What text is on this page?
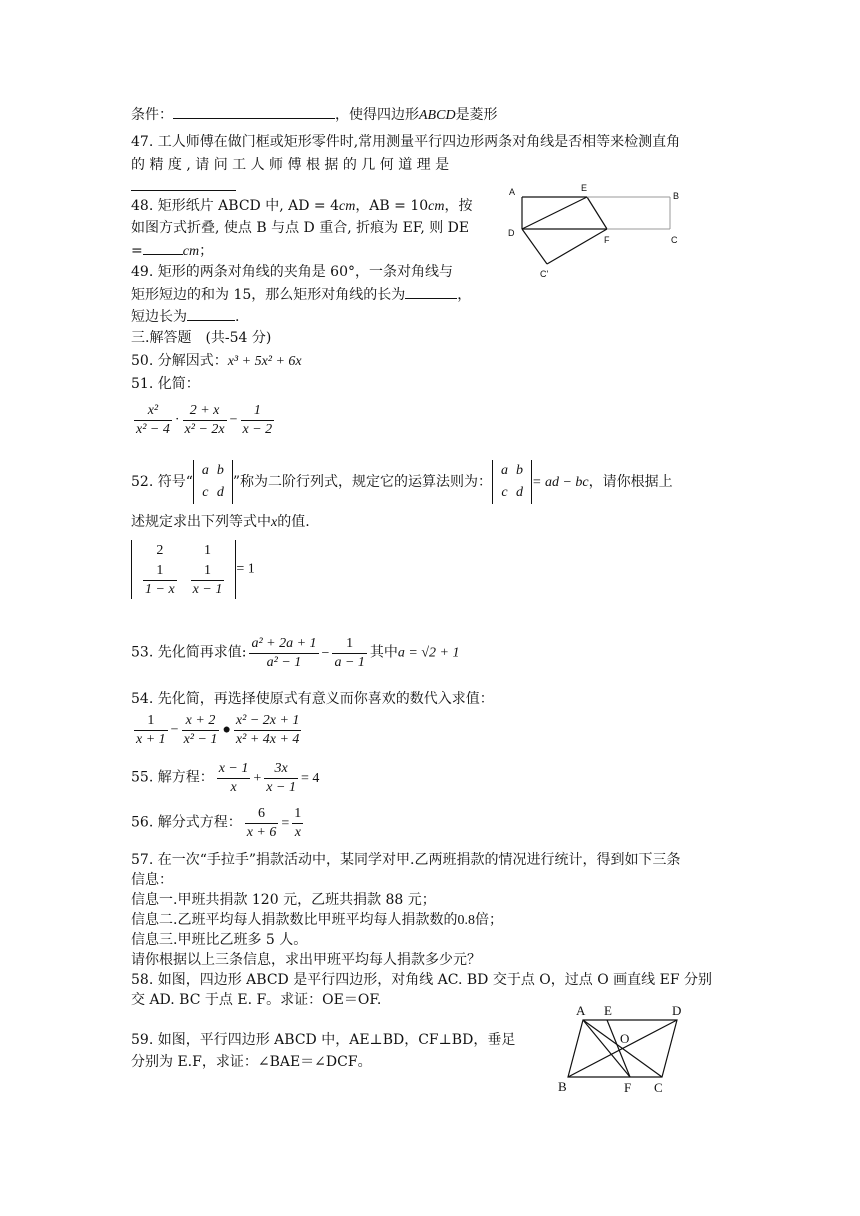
条件：	，使得四边形ABCD是菱形
47. 工人师傅在做门框或矩形零件时,常用测量平行四边形两条对角线是否相等来检测直角
的 精 度 , 请 问 工 人 师 傅 根 据 的 几 何 道 理 是
48. 矩形纸片 ABCD 中, AD = 4cm，AB = 10cm，按
如图方式折叠, 使点 B 与点 D 重合, 折痕为 EF, 则 DE
=	cm；
A	E
B
D
F	C
C'
49. 矩形的两条对角线的夹角是 60°，一条对角线与
矩形短边的和为 15，那么矩形对角线的长为	，
短边长为	.
三.解答题　(共-54 分)
50. 分解因式：x³ + 5x² + 6x
51. 化简：
$\frac{\text{x²}}{\text{x² − 4}} \cdot \frac{2 + x}{\text{x² − 2x}} - \frac{1}{x - 2}$
52. 符号“
a	b
c	d
”称为二阶行列式，规定它的运算法则为：
a	b
c	d
= ad − bc，请你根据上
述规定求出下列等式中x的值.
2	1

$\frac{1}{1 - x}$	$\frac{1}{x - 1} = 1$
53. 先化简再求值: $\frac{\text{a² + 2a + 1}}{\text{a² − 1}} - \frac{1}{a - 1}$ 其中a = √2 + 1
54. 先化简，再选择使原式有意义而你喜欢的数代入求值：
$\frac{1}{x + 1} - \frac{x + 2}{\text{x² − 1}}$ ● $\frac{\text{x² − 2x + 1}}{\text{x² + 4x + 4}}$
55. 解方程： $\frac{x - 1}{x} + \frac{3x}{x - 1} = 4$
56. 解分式方程： $\frac{6}{x + 6} = \frac{1}{x}$
57. 在一次“手拉手”捐款活动中，某同学对甲.乙两班捐款的情况进行统计，得到如下三条
信息：
信息一.甲班共捐款 120 元，乙班共捐款 88 元；
信息二.乙班平均每人捐款数比甲班平均每人捐款数的0.8倍；
信息三.甲班比乙班多 5 人。
请你根据以上三条信息，求出甲班平均每人捐款多少元？
58. 如图，四边形 ABCD 是平行四边形，对角线 AC. BD 交于点 O，过点 O 画直线 EF 分别
交 AD. BC 于点 E. F。求证：OE＝OF.
59. 如图，平行四边形 ABCD 中，AE⊥BD，CF⊥BD，垂足
分别为 E.F，求证：∠BAE＝∠DCF。
A E	D
O
B	F C
